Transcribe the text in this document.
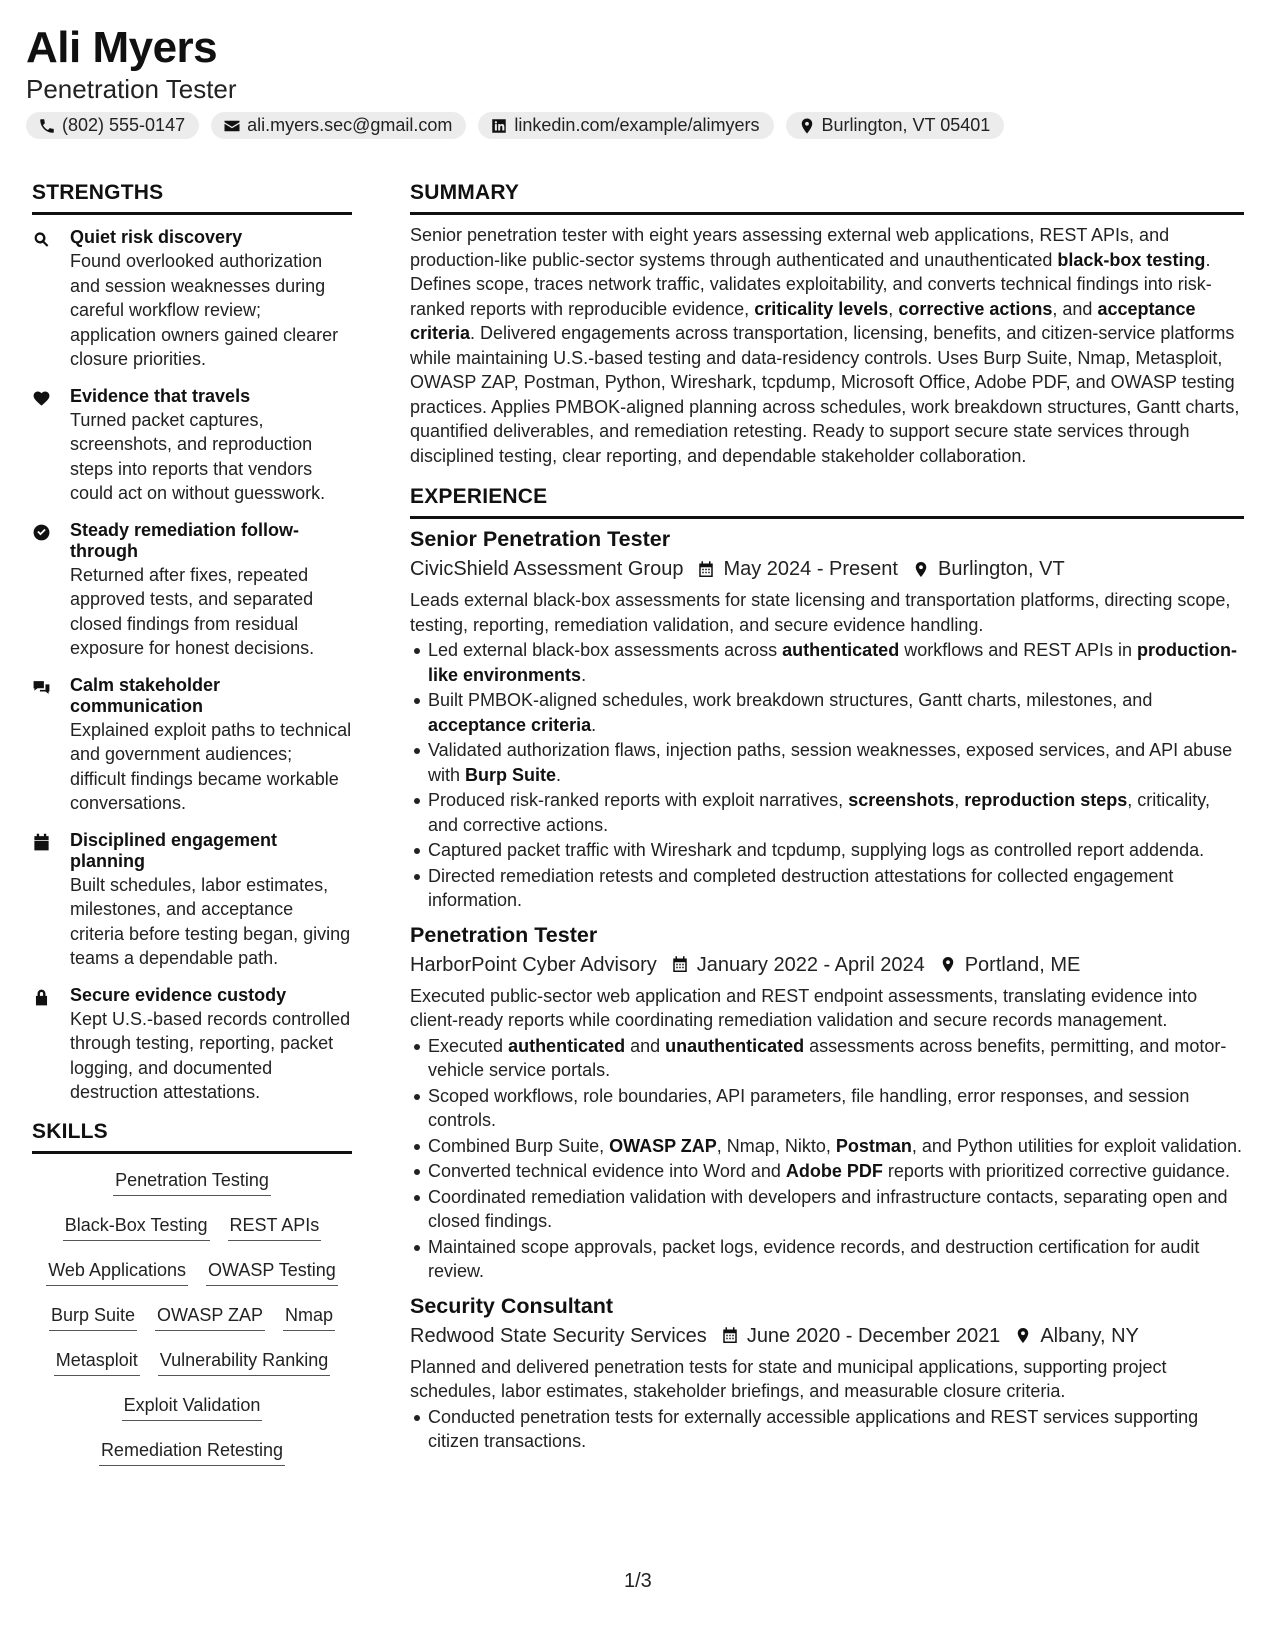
Ali Myers
Penetration Tester
(802) 555-0147	ali.myers.sec@gmail.com	linkedin.com/example/alimyers	Burlington, VT 05401
STRENGTHS
Quiet risk discovery
Found overlooked authorization and session weaknesses during careful workflow review; application owners gained clearer closure priorities.
Evidence that travels
Turned packet captures, screenshots, and reproduction steps into reports that vendors could act on without guesswork.
Steady remediation follow-through
Returned after fixes, repeated approved tests, and separated closed findings from residual exposure for honest decisions.
Calm stakeholder communication
Explained exploit paths to technical and government audiences; difficult findings became workable conversations.
Disciplined engagement planning
Built schedules, labor estimates, milestones, and acceptance criteria before testing began, giving teams a dependable path.
Secure evidence custody
Kept U.S.-based records controlled through testing, reporting, packet logging, and documented destruction attestations.
SKILLS
Penetration Testing
Black-Box Testing REST APIs
Web Applications OWASP Testing
Burp Suite OWASP ZAP Nmap
Metasploit Vulnerability Ranking
Exploit Validation
Remediation Retesting
SUMMARY

Senior penetration tester with eight years assessing external web applications, REST APIs, and production-like public-sector systems through authenticated and unauthenticated black-box testing. Defines scope, traces network traffic, validates exploitability, and converts technical findings into risk-ranked reports with reproducible evidence, criticality levels, corrective actions, and acceptance criteria. Delivered engagements across transportation, licensing, benefits, and citizen-service platforms while maintaining U.S.-based testing and data-residency controls. Uses Burp Suite, Nmap, Metasploit, OWASP ZAP, Postman, Python, Wireshark, tcpdump, Microsoft Office, Adobe PDF, and OWASP testing practices. Applies PMBOK-aligned planning across schedules, work breakdown structures, Gantt charts, quantified deliverables, and remediation retesting. Ready to support secure state services through disciplined testing, clear reporting, and dependable stakeholder collaboration.

EXPERIENCE
Senior Penetration Tester
CivicShield Assessment Group May 2024 - Present Burlington, VT
Leads external black-box assessments for state licensing and transportation platforms, directing scope, testing, reporting, remediation validation, and secure evidence handling.
Led external black-box assessments across authenticated workflows and REST APIs in production-like environments.
Built PMBOK-aligned schedules, work breakdown structures, Gantt charts, milestones, and acceptance criteria.
Validated authorization flaws, injection paths, session weaknesses, exposed services, and API abuse with Burp Suite.
Produced risk-ranked reports with exploit narratives, screenshots, reproduction steps, criticality, and corrective actions.
Captured packet traffic with Wireshark and tcpdump, supplying logs as controlled report addenda.
Directed remediation retests and completed destruction attestations for collected engagement information.
Penetration Tester
HarborPoint Cyber Advisory January 2022 - April 2024 Portland, ME
Executed public-sector web application and REST endpoint assessments, translating evidence into client-ready reports while coordinating remediation validation and secure records management.
Executed authenticated and unauthenticated assessments across benefits, permitting, and motor-vehicle service portals.
Scoped workflows, role boundaries, API parameters, file handling, error responses, and session controls.
Combined Burp Suite, OWASP ZAP, Nmap, Nikto, Postman, and Python utilities for exploit validation.
Converted technical evidence into Word and Adobe PDF reports with prioritized corrective guidance.
Coordinated remediation validation with developers and infrastructure contacts, separating open and closed findings.
Maintained scope approvals, packet logs, evidence records, and destruction certification for audit review.
Security Consultant
Redwood State Security Services June 2020 - December 2021 Albany, NY
Planned and delivered penetration tests for state and municipal applications, supporting project schedules, labor estimates, stakeholder briefings, and measurable closure criteria.
Conducted penetration tests for externally accessible applications and REST services supporting citizen transactions.
1/3
